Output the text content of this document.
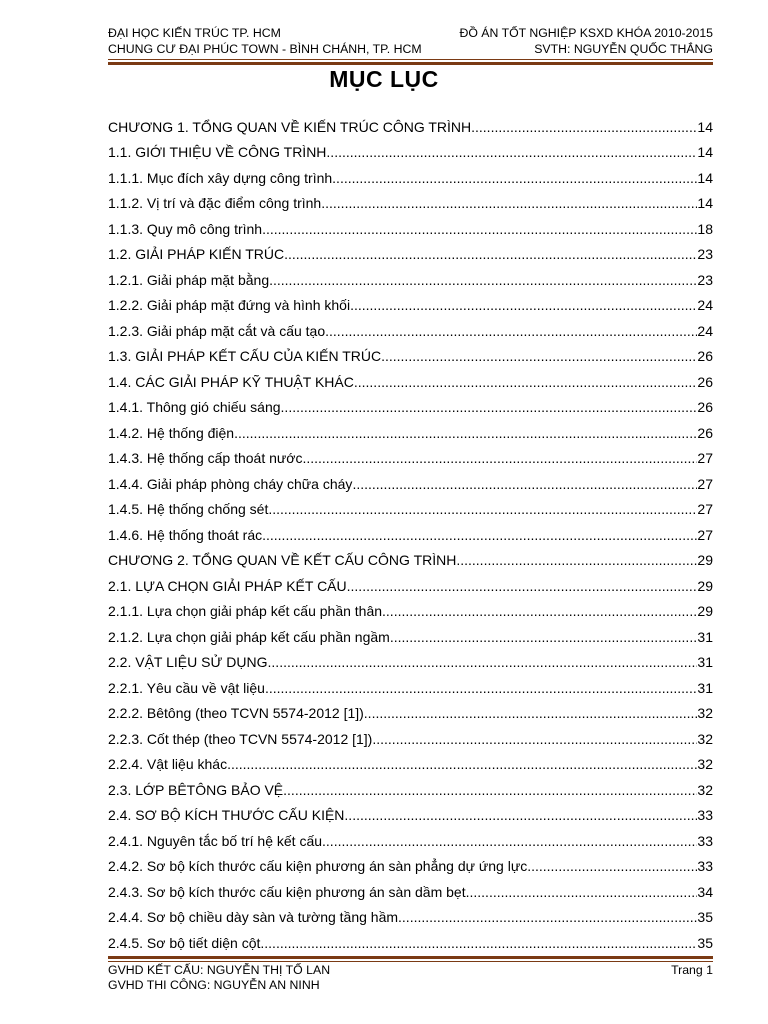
ĐẠI HỌC KIẾN TRÚC TP. HCM	ĐỒ ÁN TỐT NGHIỆP KSXD KHÓA 2010-2015
CHUNG CƯ ĐẠI PHÚC TOWN - BÌNH CHÁNH, TP. HCM	SVTH: NGUYỄN QUỐC THẮNG
MỤC LỤC
CHƯƠNG 1. TỔNG QUAN VỀ KIẾN TRÚC CÔNG TRÌNH .....	14
1.1. GIỚI THIỆU VỀ CÔNG TRÌNH .....	14
1.1.1. Mục đích xây dựng công trình .....	14
1.1.2. Vị trí và đặc điểm công trình .....	14
1.1.3. Quy mô công trình .....	18
1.2. GIẢI PHÁP KIẾN TRÚC .....	23
1.2.1. Giải pháp mặt bằng .....	23
1.2.2. Giải pháp mặt đứng và hình khối .....	24
1.2.3. Giải pháp mặt cắt và cấu tạo .....	24
1.3. GIẢI PHÁP KẾT CẤU CỦA KIẾN TRÚC .....	26
1.4. CÁC GIẢI PHÁP KỸ THUẬT KHÁC .....	26
1.4.1. Thông gió chiếu sáng .....	26
1.4.2. Hệ thống điện .....	26
1.4.3. Hệ thống cấp thoát nước .....	27
1.4.4. Giải pháp phòng cháy chữa cháy .....	27
1.4.5. Hệ thống chống sét .....	27
1.4.6. Hệ thống thoát rác .....	27
CHƯƠNG 2. TỔNG QUAN VỀ KẾT CẤU CÔNG TRÌNH .....	29
2.1. LỰA CHỌN GIẢI PHÁP KẾT CẤU .....	29
2.1.1. Lựa chọn giải pháp kết cấu phần thân .....	29
2.1.2. Lựa chọn giải pháp kết cấu phần ngầm .....	31
2.2. VẬT LIỆU SỬ DỤNG .....	31
2.2.1. Yêu cầu về vật liệu .....	31
2.2.2. Bêtông (theo TCVN 5574-2012 [1]) .....	32
2.2.3. Cốt thép (theo TCVN 5574-2012 [1]) .....	32
2.2.4. Vật liệu khác .....	32
2.3. LỚP BÊTÔNG BẢO VỆ .....	32
2.4. SƠ BỘ KÍCH THƯỚC CẤU KIỆN .....	33
2.4.1. Nguyên tắc bố trí hệ kết cấu .....	33
2.4.2. Sơ bộ kích thước cấu kiện phương án sàn phẳng dự ứng lực .....	33
2.4.3. Sơ bộ kích thước cấu kiện phương án sàn dầm bẹt .....	34
2.4.4. Sơ bộ chiều dày sàn và tường tầng hầm .....	35
2.4.5. Sơ bộ tiết diện cột .....	35
GVHD KẾT CẤU: NGUYỄN THỊ TỐ LAN	Trang 1
GVHD THI CÔNG: NGUYỄN AN NINH
